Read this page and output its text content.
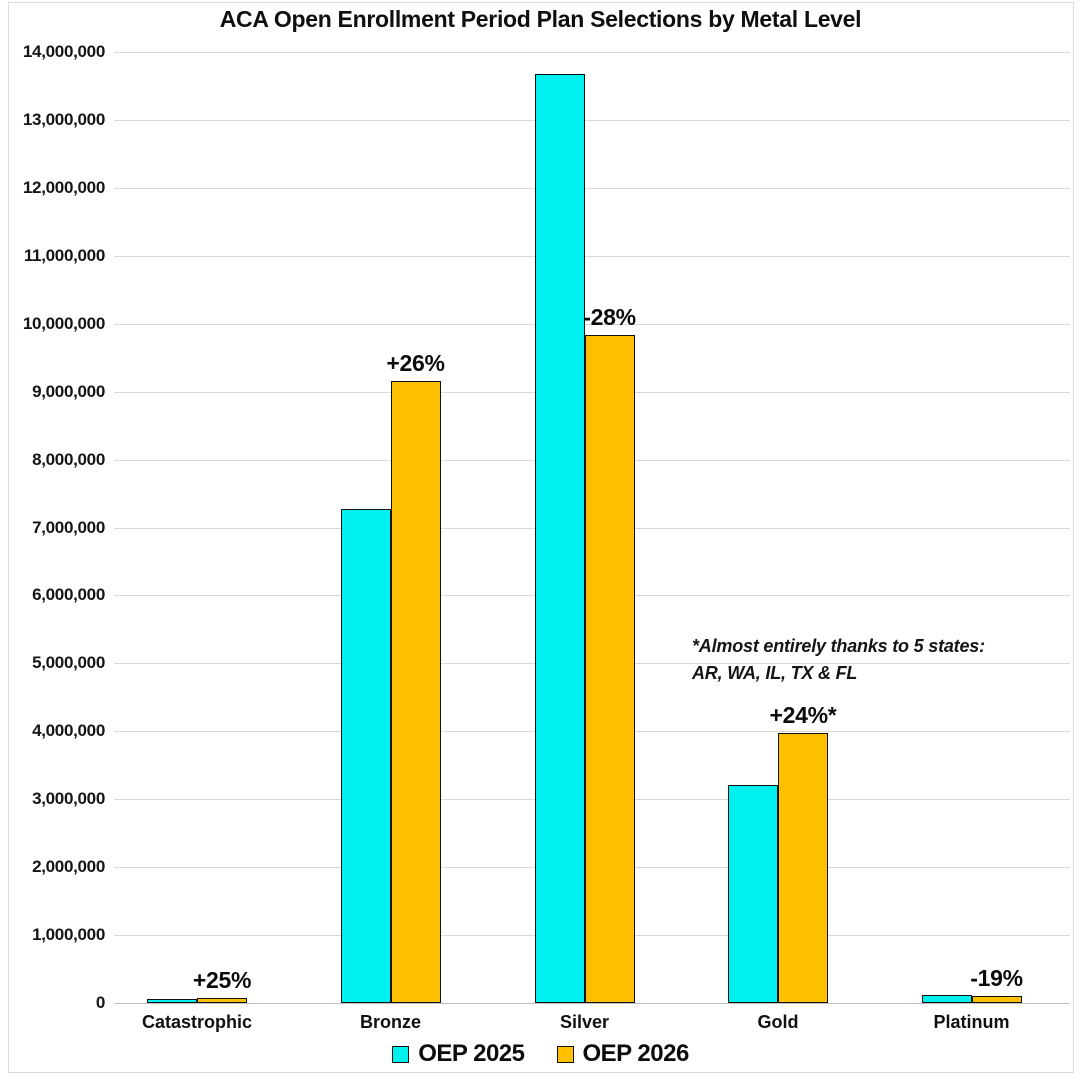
ACA Open Enrollment Period Plan Selections by Metal Level
0
1,000,000
2,000,000
3,000,000
4,000,000
5,000,000
6,000,000
7,000,000
8,000,000
9,000,000
10,000,000
11,000,000
12,000,000
13,000,000
14,000,000
+25%
+26%
-28%
+24%*
-19%
Catastrophic	Bronze	Silver	Gold	Platinum
*Almost entirely thanks to 5 states:
AR, WA, IL, TX & FL
OEP 2025 OEP 2026
